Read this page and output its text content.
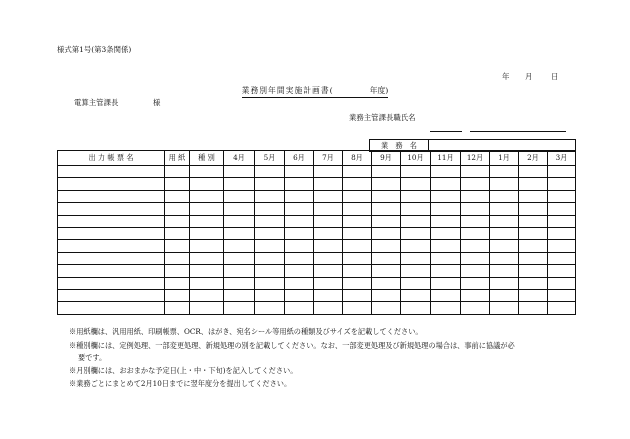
様式第1号(第3条関係)
年 月	日
業務別年間実施計画書(	年度)
電算主管課長	様
業務主管課長職氏名
業　務　名	
出 力 帳 票 名	用 紙	種 別	4月	5月	6月	7月	8月	9月	10月	11月	12月	1月	2月	3月

※用紙欄は、汎用用紙、印刷帳票、OCR、はがき、宛名シール等用紙の種類及びサイズを記載してください。
※種別欄には、定例処理、一部変更処理、新規処理の別を記載してください。なお、一部変更処理及び新規処理の場合は、事前に協議が必
要です。
※月別欄には、おおまかな予定日(上・中・下旬)を記入してください。
※業務ごとにまとめて2月10日までに翌年度分を提出してください。
